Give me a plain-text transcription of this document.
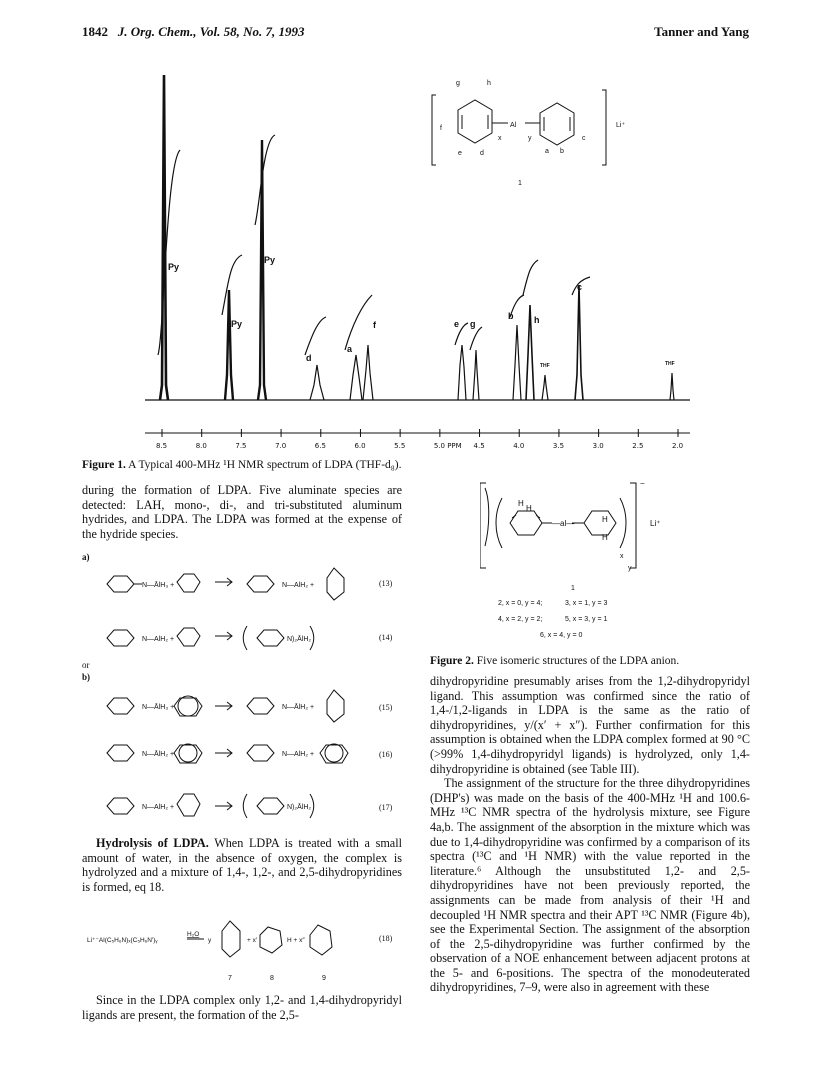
1842 J. Org. Chem., Vol. 58, No. 7, 1993	Tanner and Yang
8.5	8.0	7.5	7.0	6.5	6.0	5.5	5.0 PPM 4.5	4.0	3.5	3.0	2.5	2.0
Py
Py
Py
d
a
f	e g
b h
THF
c
THF
g	h
f
e	d
x
a b
c
y
Al	Li⁺
1
Figure 1. A Typical 400-MHz ¹H NMR spectrum of LDPA (THF-d₈).

during the formation of LDPA. Five aluminate species are detected: LAH, mono-, di-, and tri-substituted aluminum hydrides, and LDPA. The LDPA was formed at the expense of the hydride species.

N—ĀlH₃ +	N—AlH₂ +
N—AlH₂ +	N)₂ĀlH₂
N—ĀlH₃ +	N—ĀlH₂ +
N—ĀlH₂ +	N—AlH₂ +
N—AlH₂ +	N)₂ĀlH₂
a)
or
b)
(13)
(14)
(15)
(16)
(17)

Hydrolysis of LDPA. When LDPA is treated with a small amount of water, in the absence of oxygen, the complex is hydrolyzed and a mixture of 1,4-, 1,2-, and 2,5-dihydropyridines is formed, eq 18.

Li⁺⁻Al(C₅H₆N)ₓ(C₅H₆N′)ᵧ
H₂O
y	+ x′	H + x″
7	8	9
(18)

Since in the LDPA complex only 1,2- and 1,4-dihydropyridyl ligands are present, the formation of the 2,5-

H
H
—al—	H
H
x
y
Li⁺
−
1
2, x = 0, y = 4;	3, x = 1, y = 3
4, x = 2, y = 2;	5, x = 3, y = 1
6, x = 4, y = 0
Figure 2. Five isomeric structures of the LDPA anion.

dihydropyridine presumably arises from the 1,2-dihydropyridyl ligand. This assumption was confirmed since the ratio of 1,4-/1,2-ligands in LDPA is the same as the ratio of dihydropyridines, y/(x′ + x″). Further confirmation for this assumption is obtained when the LDPA complex formed at 90 °C (>99% 1,4-dihydropyridyl ligands) is hydrolyzed, only 1,4-dihydropyridine is obtained (see Table III).

The assignment of the structure for the three dihydropyridines (DHP's) was made on the basis of the 400-MHz ¹H and 100.6-MHz ¹³C NMR spectra of the hydrolysis mixture, see Figure 4a,b. The assignment of the absorption in the mixture which was due to 1,4-dihydropyridine was confirmed by a comparison of its spectra (¹³C and ¹H NMR) with the value reported in the literature.⁶ Although the unsubstituted 1,2- and 2,5-dihydropyridines have not been previously reported, the assignments can be made from analysis of their ¹H and decoupled ¹H NMR spectra and their APT ¹³C NMR (Figure 4b), see the Experimental Section. The assignment of the absorption of the 2,5-dihydropyridine was further confirmed by the observation of a NOE enhancement between adjacent protons at the 5- and 6-positions. The spectra of the monodeuterated dihydropyridines, 7–9, were also in agreement with these
